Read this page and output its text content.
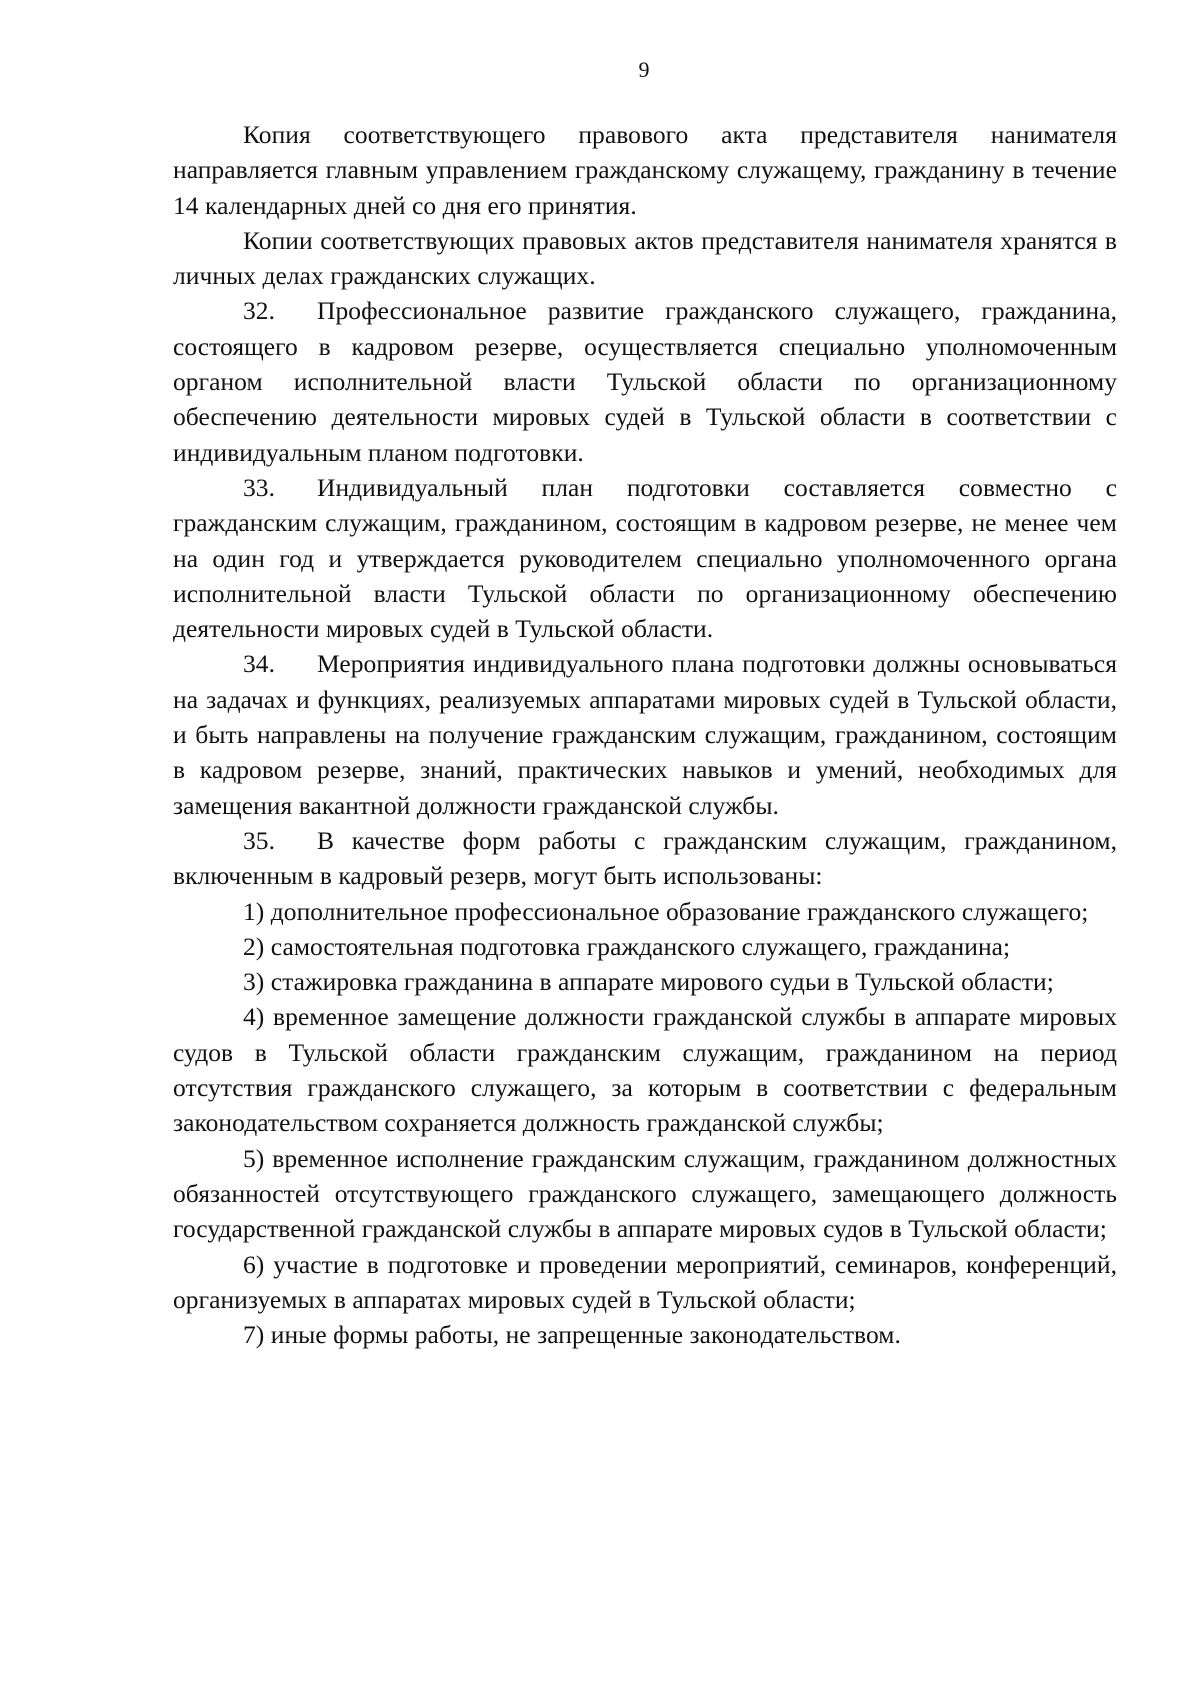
9

Копия соответствующего правового акта представителя нанимателя направляется главным управлением гражданскому служащему, гражданину в течение 14 календарных дней со дня его принятия.

Копии соответствующих правовых актов представителя нанимателя хранятся в личных делах гражданских служащих.

32. Профессиональное развитие гражданского служащего, гражданина, состоящего в кадровом резерве, осуществляется специально уполномоченным органом исполнительной власти Тульской области по организационному обеспечению деятельности мировых судей в Тульской области в соответствии с индивидуальным планом подготовки.

33. Индивидуальный план подготовки составляется совместно с гражданским служащим, гражданином, состоящим в кадровом резерве, не менее чем на один год и утверждается руководителем специально уполномоченного органа исполнительной власти Тульской области по организационному обеспечению деятельности мировых судей в Тульской области.

34. Мероприятия индивидуального плана подготовки должны основываться на задачах и функциях, реализуемых аппаратами мировых судей в Тульской области, и быть направлены на получение гражданским служащим, гражданином, состоящим в кадровом резерве, знаний, практических навыков и умений, необходимых для замещения вакантной должности гражданской службы.

35. В качестве форм работы с гражданским служащим, гражданином, включенным в кадровый резерв, могут быть использованы:

1) дополнительное профессиональное образование гражданского служащего;

2) самостоятельная подготовка гражданского служащего, гражданина;

3) стажировка гражданина в аппарате мирового судьи в Тульской области;

4) временное замещение должности гражданской службы в аппарате мировых судов в Тульской области гражданским служащим, гражданином на период отсутствия гражданского служащего, за которым в соответствии с федеральным законодательством сохраняется должность гражданской службы;

5) временное исполнение гражданским служащим, гражданином должностных обязанностей отсутствующего гражданского служащего, замещающего должность государственной гражданской службы в аппарате мировых судов в Тульской области;

6) участие в подготовке и проведении мероприятий, семинаров, конференций, организуемых в аппаратах мировых судей в Тульской области;

7) иные формы работы, не запрещенные законодательством.
